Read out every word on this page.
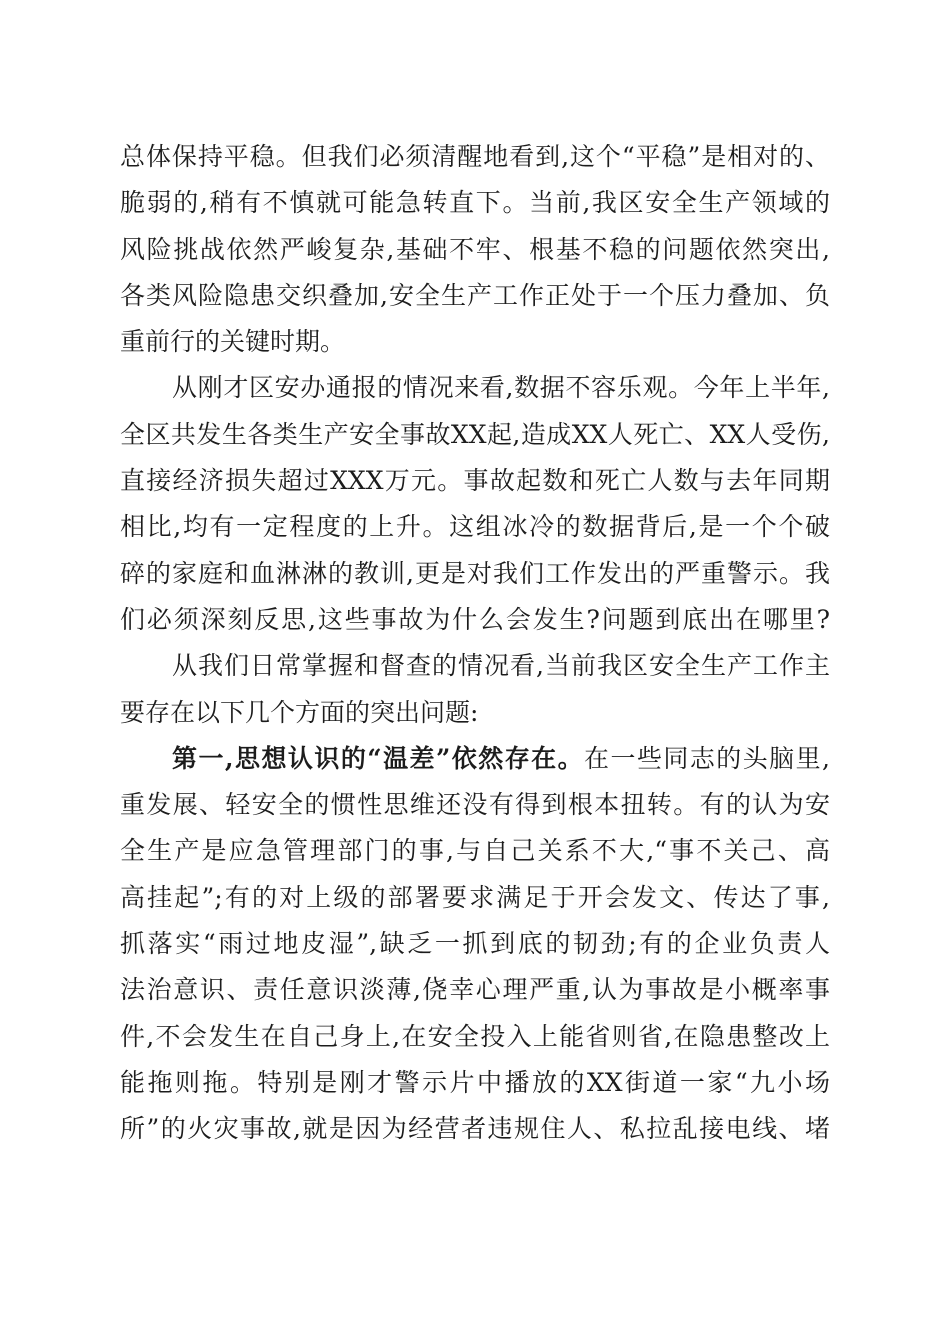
总体保持平稳。但我们必须清醒地看到,这个“平稳”是相对的、
脆弱的,稍有不慎就可能急转直下。当前,我区安全生产领域的
风险挑战依然严峻复杂,基础不牢、根基不稳的问题依然突出,
各类风险隐患交织叠加,安全生产工作正处于一个压力叠加、负
重前行的关键时期。
从刚才区安办通报的情况来看,数据不容乐观。今年上半年,
全区共发生各类生产安全事故XX起,造成XX人死亡、XX人受伤,
直接经济损失超过XXX万元。事故起数和死亡人数与去年同期
相比,均有一定程度的上升。这组冰冷的数据背后,是一个个破
碎的家庭和血淋淋的教训,更是对我们工作发出的严重警示。我
们必须深刻反思,这些事故为什么会发生?问题到底出在哪里?
从我们日常掌握和督查的情况看,当前我区安全生产工作主
要存在以下几个方面的突出问题:
第一,思想认识的“温差”依然存在。在一些同志的头脑里,
重发展、轻安全的惯性思维还没有得到根本扭转。有的认为安
全生产是应急管理部门的事,与自己关系不大,“事不关己、高
高挂起”;有的对上级的部署要求满足于开会发文、传达了事,
抓落实“雨过地皮湿”,缺乏一抓到底的韧劲;有的企业负责人
法治意识、责任意识淡薄,侥幸心理严重,认为事故是小概率事
件,不会发生在自己身上,在安全投入上能省则省,在隐患整改上
能拖则拖。特别是刚才警示片中播放的XX街道一家“九小场
所”的火灾事故,就是因为经营者违规住人、私拉乱接电线、堵
